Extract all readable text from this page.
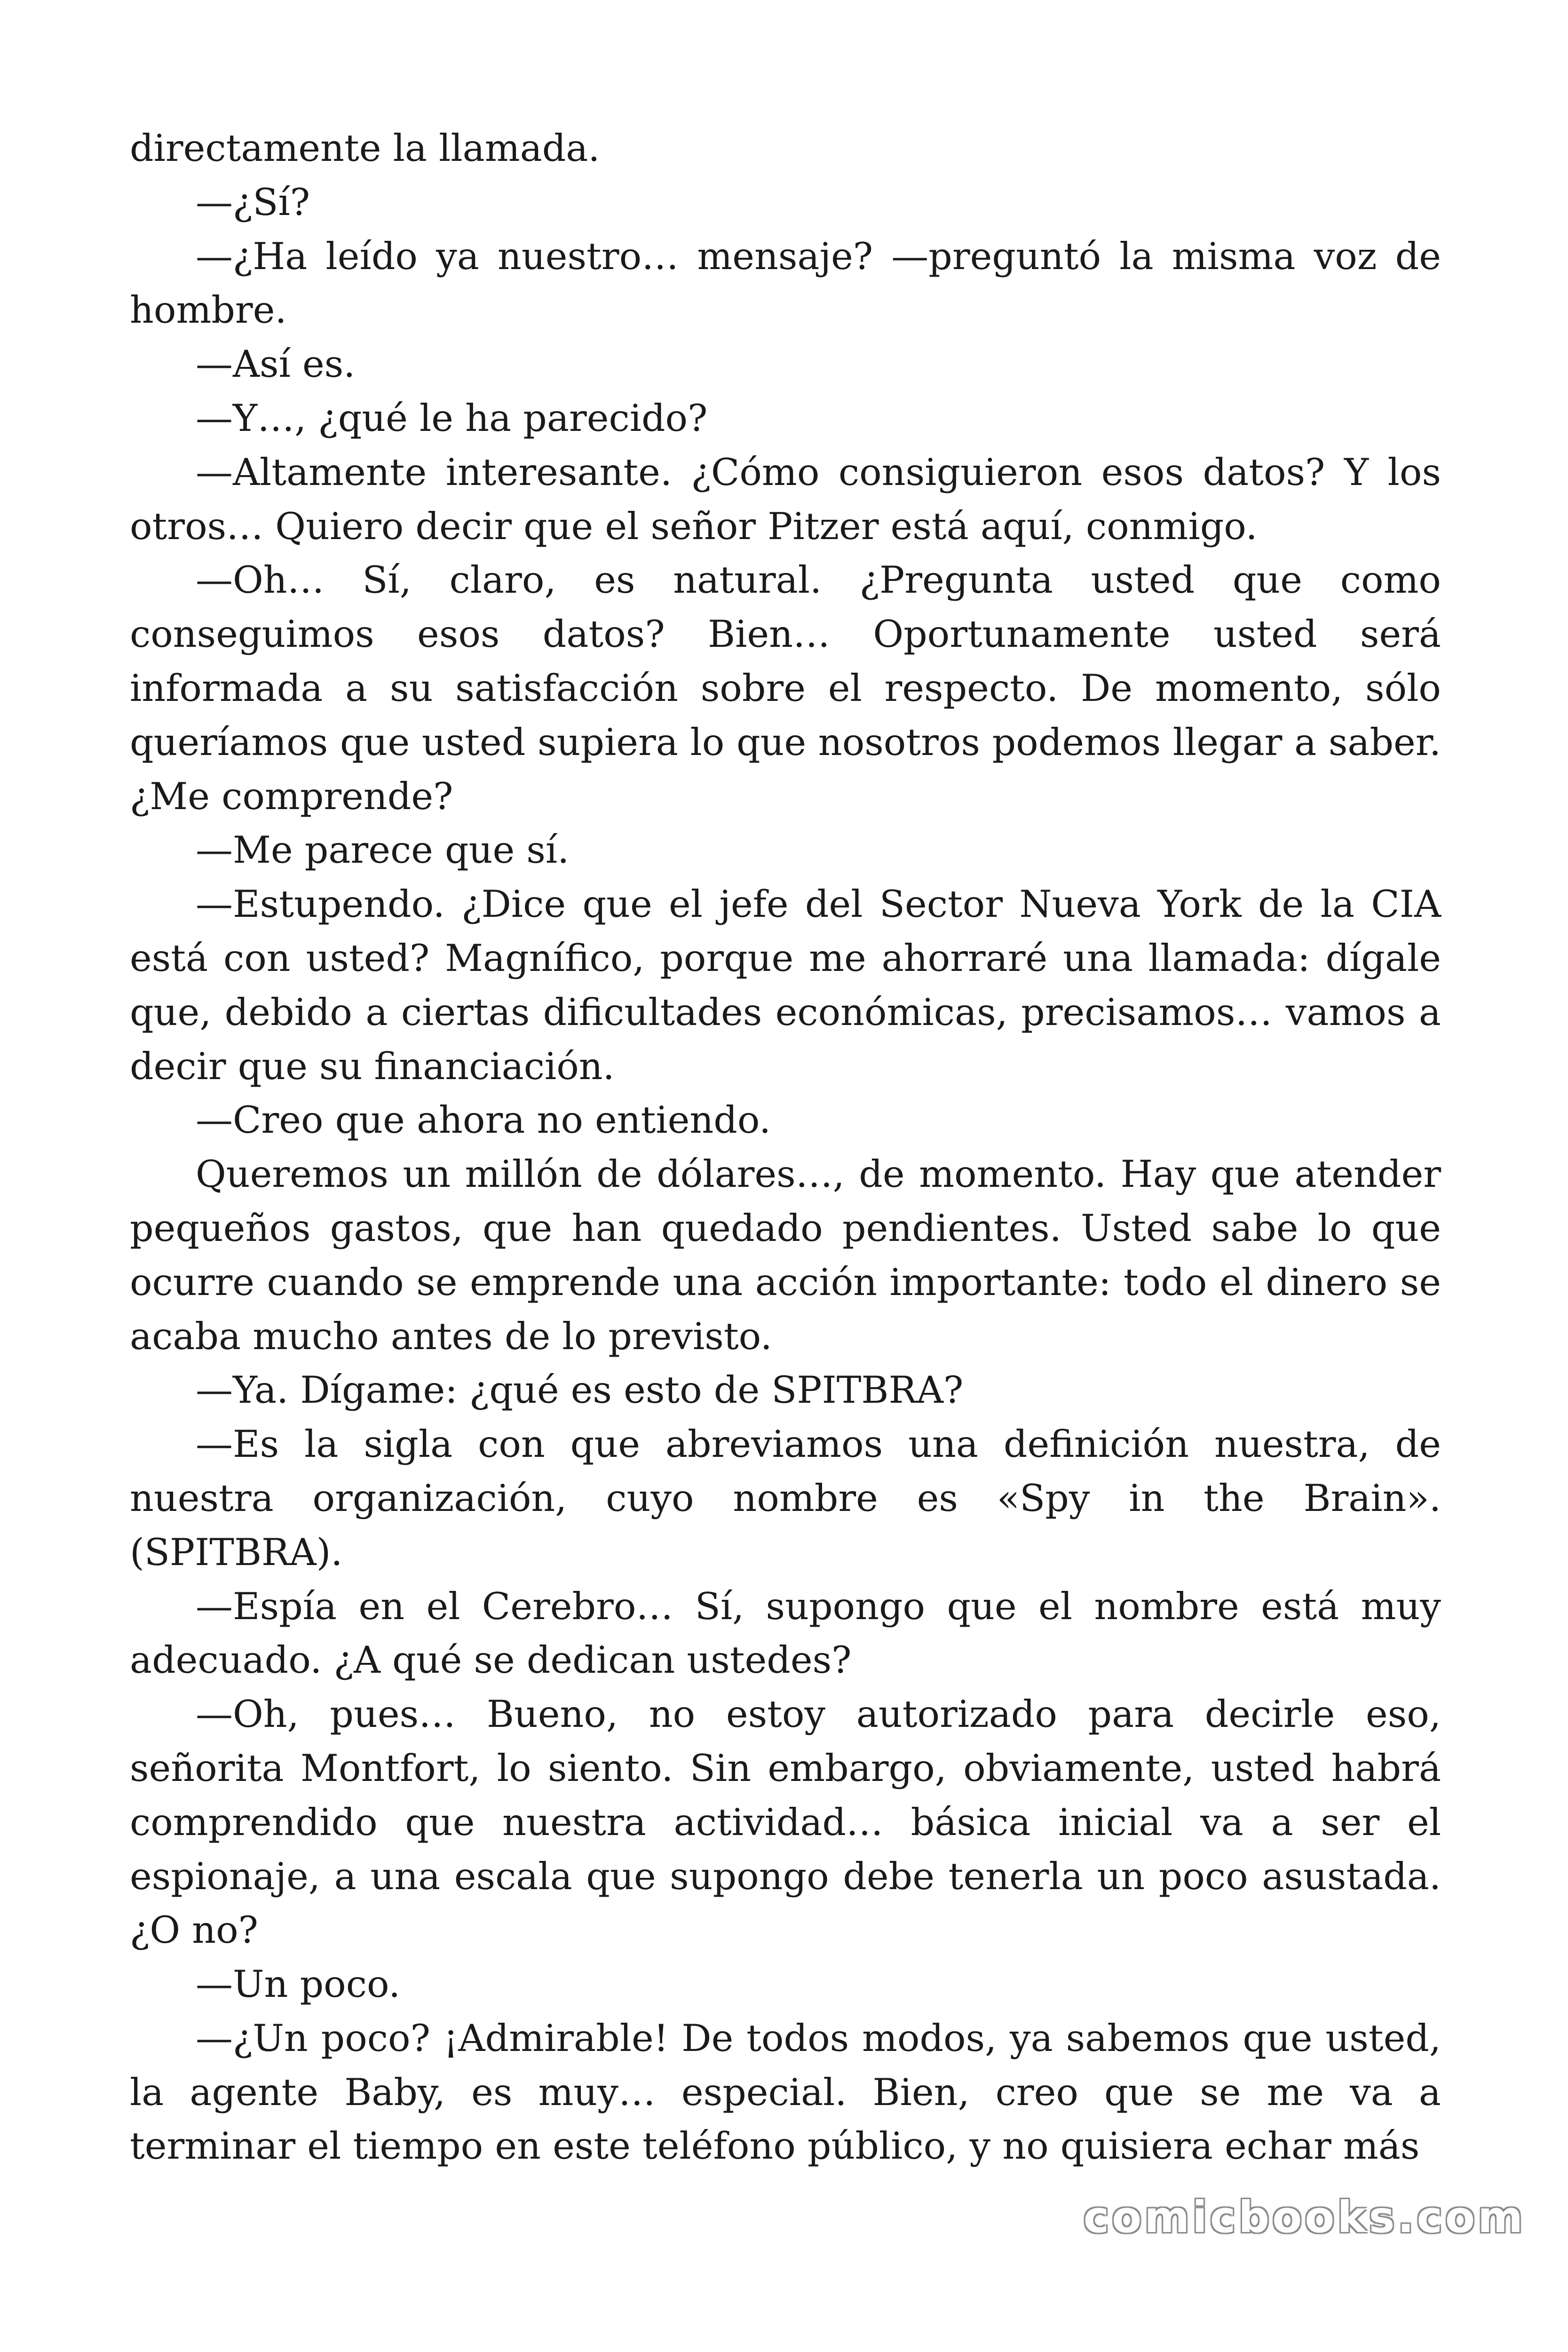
directamente la llamada.

—¿Sí?

—¿Ha leído ya nuestro… mensaje? —preguntó la misma voz de hombre.

—Así es.

—Y…, ¿qué le ha parecido?

—Altamente interesante. ¿Cómo consiguieron esos datos? Y los otros… Quiero decir que el señor Pitzer está aquí, conmigo.

—Oh… Sí, claro, es natural. ¿Pregunta usted que como conseguimos esos datos? Bien… Oportunamente usted será informada a su satisfacción sobre el respecto. De momento, sólo queríamos que usted supiera lo que nosotros podemos llegar a saber. ¿Me comprende?

—Me parece que sí.

—Estupendo. ¿Dice que el jefe del Sector Nueva York de la CIA está con usted? Magnífico, porque me ahorraré una llamada: dígale que, debido a ciertas dificultades económicas, precisamos… vamos a decir que su financiación.

—Creo que ahora no entiendo.

Queremos un millón de dólares…, de momento. Hay que atender pequeños gastos, que han quedado pendientes. Usted sabe lo que ocurre cuando se emprende una acción importante: todo el dinero se acaba mucho antes de lo previsto.

—Ya. Dígame: ¿qué es esto de SPITBRA?

—Es la sigla con que abreviamos una definición nuestra, de nuestra organización, cuyo nombre es «Spy in the Brain». (SPITBRA).

—Espía en el Cerebro… Sí, supongo que el nombre está muy adecuado. ¿A qué se dedican ustedes?

—Oh, pues… Bueno, no estoy autorizado para decirle eso, señorita Montfort, lo siento. Sin embargo, obviamente, usted habrá comprendido que nuestra actividad… básica inicial va a ser el espionaje, a una escala que supongo debe tenerla un poco asustada. ¿O no?

—Un poco.

—¿Un poco? ¡Admirable! De todos modos, ya sabemos que usted, la agente Baby, es muy… especial. Bien, creo que se me va a terminar el tiempo en este teléfono público, y no quisiera echar más

comicbooks.com
